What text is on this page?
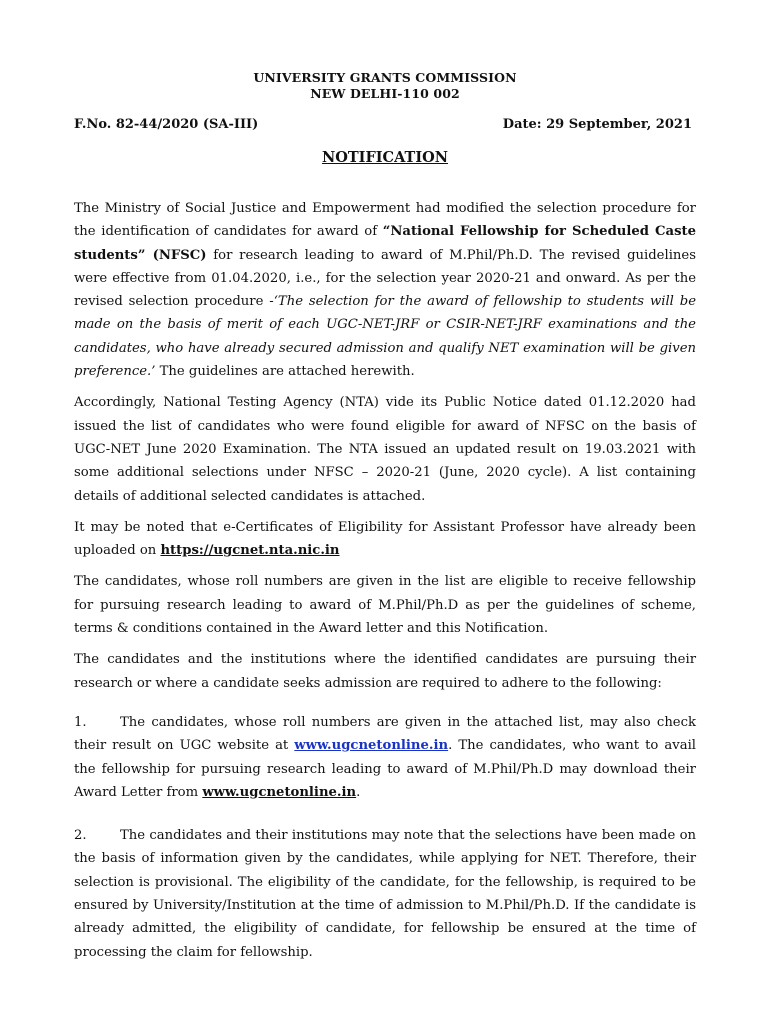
UNIVERSITY GRANTS COMMISSION
NEW DELHI-110 002
F.No. 82-44/2020 (SA-III)	Date: 29 September, 2021
NOTIFICATION

The Ministry of Social Justice and Empowerment had modified the selection procedure for the identification of candidates for award of “National Fellowship for Scheduled Caste students” (NFSC) for research leading to award of M.Phil/Ph.D. The revised guidelines were effective from 01.04.2020, i.e., for the selection year 2020-21 and onward. As per the revised selection procedure -‘The selection for the award of fellowship to students will be made on the basis of merit of each UGC-NET-JRF or CSIR-NET-JRF examinations and the candidates, who have already secured admission and qualify NET examination will be given preference.’ The guidelines are attached herewith.

Accordingly, National Testing Agency (NTA) vide its Public Notice dated 01.12.2020 had issued the list of candidates who were found eligible for award of NFSC on the basis of UGC-NET June 2020 Examination. The NTA issued an updated result on 19.03.2021 with some additional selections under NFSC – 2020-21 (June, 2020 cycle). A list containing details of additional selected candidates is attached.

It may be noted that e-Certificates of Eligibility for Assistant Professor have already been uploaded on https://ugcnet.nta.nic.in

The candidates, whose roll numbers are given in the list are eligible to receive fellowship for pursuing research leading to award of M.Phil/Ph.D as per the guidelines of scheme, terms & conditions contained in the Award letter and this Notification.

The candidates and the institutions where the identified candidates are pursuing their research or where a candidate seeks admission are required to adhere to the following:

1.	The candidates, whose roll numbers are given in the attached list, may also check their result on UGC website at www.ugcnetonline.in. The candidates, who want to avail the fellowship for pursuing research leading to award of M.Phil/Ph.D may download their Award Letter from www.ugcnetonline.in.

2.	The candidates and their institutions may note that the selections have been made on the basis of information given by the candidates, while applying for NET. Therefore, their selection is provisional. The eligibility of the candidate, for the fellowship, is required to be ensured by University/Institution at the time of admission to M.Phil/Ph.D. If the candidate is already admitted, the eligibility of candidate, for fellowship be ensured at the time of processing the claim for fellowship.
